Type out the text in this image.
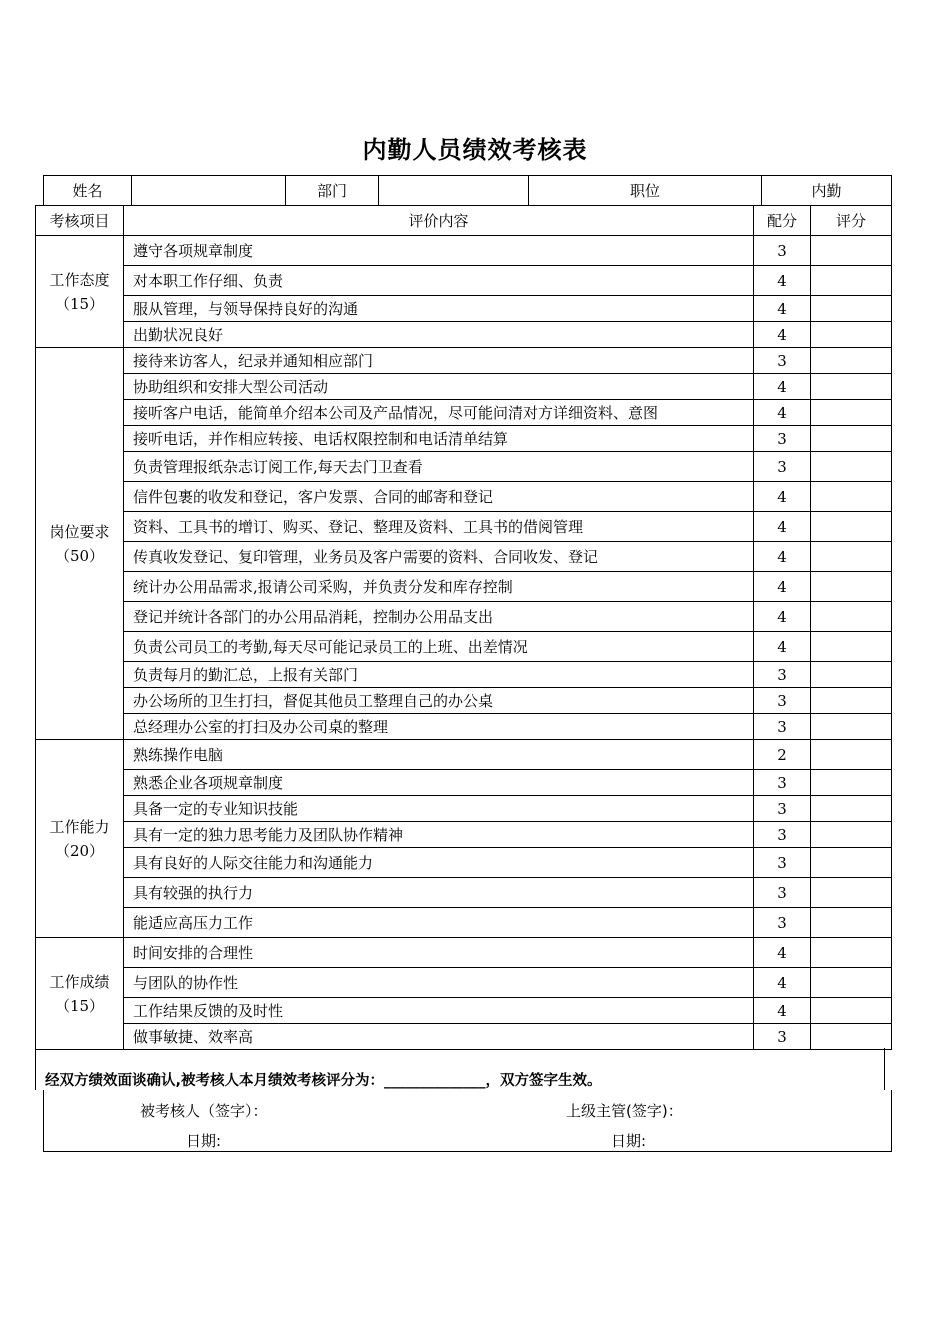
内勤人员绩效考核表
姓名		部门		职位	内勤
考核项目	评价内容	配分	评分

工作态度
（15）	遵守各项规章制度	3	
	对本职工作仔细、负责	4	
	服从管理，与领导保持良好的沟通	4	
	出勤状况良好	4	

岗位要求
（50）	接待来访客人，纪录并通知相应部门	3	
	协助组织和安排大型公司活动	4	
	接听客户电话，能简单介绍本公司及产品情况，尽可能问清对方详细资料、意图	4	
	接听电话，并作相应转接、电话权限控制和电话清单结算	3	
	负责管理报纸杂志订阅工作,每天去门卫查看	3	
	信件包裹的收发和登记，客户发票、合同的邮寄和登记	4	
	资料、工具书的增订、购买、登记、整理及资料、工具书的借阅管理	4	
	传真收发登记、复印管理，业务员及客户需要的资料、合同收发、登记	4	
	统计办公用品需求,报请公司采购，并负责分发和库存控制	4	
	登记并统计各部门的办公用品消耗，控制办公用品支出	4	
	负责公司员工的考勤,每天尽可能记录员工的上班、出差情况	4	
	负责每月的勤汇总，上报有关部门	3	
	办公场所的卫生打扫，督促其他员工整理自己的办公桌	3	
	总经理办公室的打扫及办公司桌的整理	3	

工作能力
（20）	熟练操作电脑	2	
	熟悉企业各项规章制度	3	
	具备一定的专业知识技能	3	
	具有一定的独力思考能力及团队协作精神	3	
	具有良好的人际交往能力和沟通能力	3	
	具有较强的执行力	3	
	能适应高压力工作	3	

工作成绩
（15）	时间安排的合理性	4	
	与团队的协作性	4	
	工作结果反馈的及时性	4	
	做事敏捷、效率高	3	
经双方绩效面谈确认,被考核人本月绩效考核评分为：______________，双方签字生效。
被考核人（签字）：	上级主管(签字)：
日期:	日期:
